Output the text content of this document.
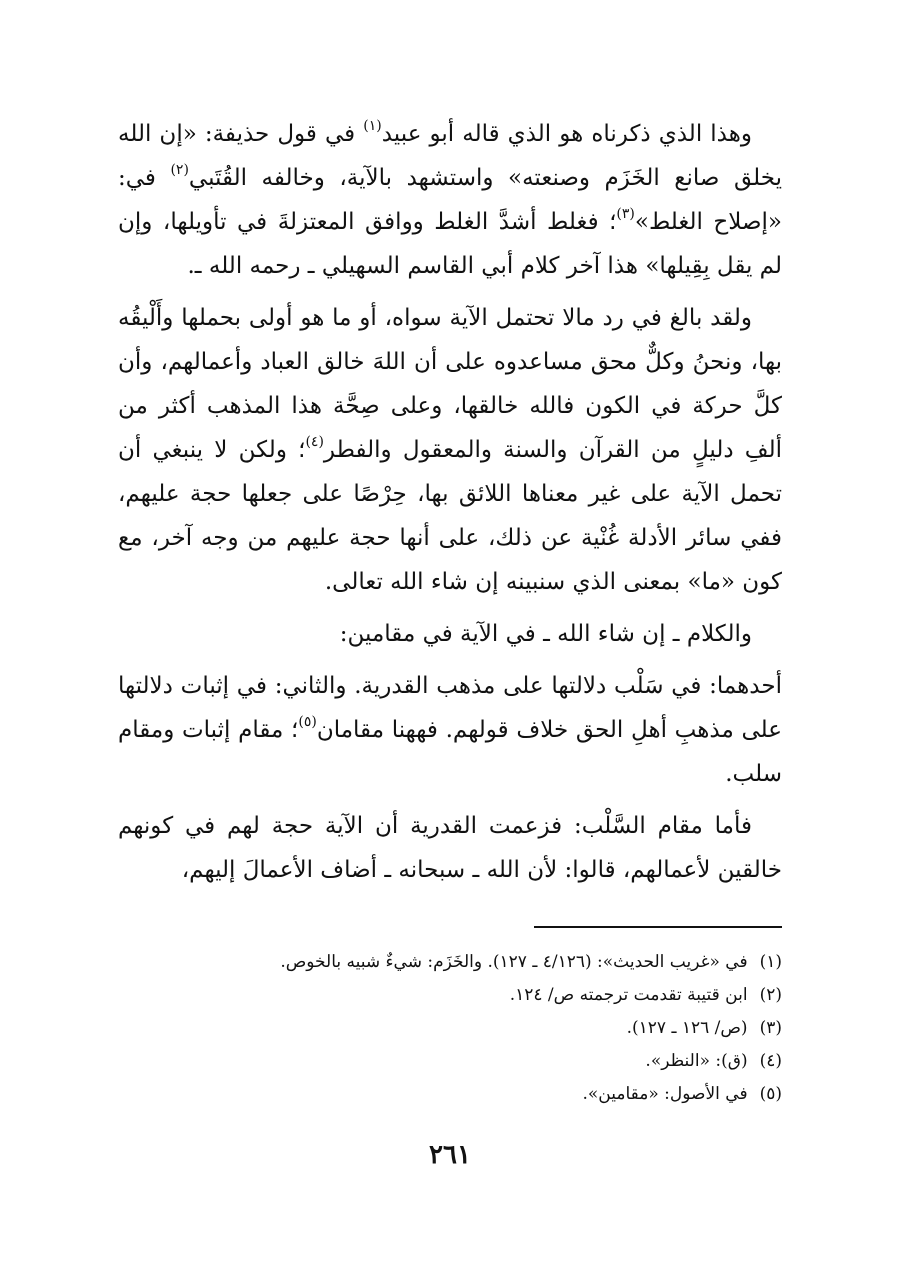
وهذا الذي ذكرناه هو الذي قاله أبو عبيد$^{(١)}$ في قول حذيفة: «إن الله يخلق صانع الخَزَم وصنعته» واستشهد بالآية، وخالفه القُتَبي$^{(٢)}$ في: «إصلاح الغلط»$^{(٣)}$؛ فغلط أشدَّ الغلط ووافق المعتزلةَ في تأويلها، وإن لم يقل بِقِيلها» هذا آخر كلام أبي القاسم السهيلي ـ رحمه الله ـ.

ولقد بالغ في رد مالا تحتمل الآية سواه، أو ما هو أولى بحملها وأَلْيقُه بها، ونحنُ وكلٌّ محق مساعدوه على أن اللهَ خالق العباد وأعمالهم، وأن كلَّ حركة في الكون فالله خالقها، وعلى صِحَّة هذا المذهب أكثر من ألفِ دليلٍ من القرآن والسنة والمعقول والفطر$^{(٤)}$؛ ولكن لا ينبغي أن تحمل الآية على غير معناها اللائق بها، حِرْصًا على جعلها حجة عليهم، ففي سائر الأدلة غُنْية عن ذلك، على أنها حجة عليهم من وجه آخر، مع كون «ما» بمعنى الذي سنبينه إن شاء الله تعالى.

والكلام ـ إن شاء الله ـ في الآية في مقامين:

أحدهما: في سَلْب دلالتها على مذهب القدرية. والثاني: في إثبات دلالتها على مذهبِ أهلِ الحق خلاف قولهم. فههنا مقامان$^{(٥)}$؛ مقام إثبات ومقام سلب.

فأما مقام السَّلْب: فزعمت القدرية أن الآية حجة لهم في كونهم خالقين لأعمالهم، قالوا: لأن الله ـ سبحانه ـ أضاف الأعمالَ إليهم،

(١)في «غريب الحديث»: (٤/١٢٦ ـ ١٢٧). والخَزَم: شيءٌ شبيه بالخوص.

(٢)ابن قتيبة تقدمت ترجمته ص/ ١٢٤.

(٣)(ص/ ١٢٦ ـ ١٢٧).

(٤)(ق): «النظر».

(٥)في الأصول: «مقامين».

٢٦١
